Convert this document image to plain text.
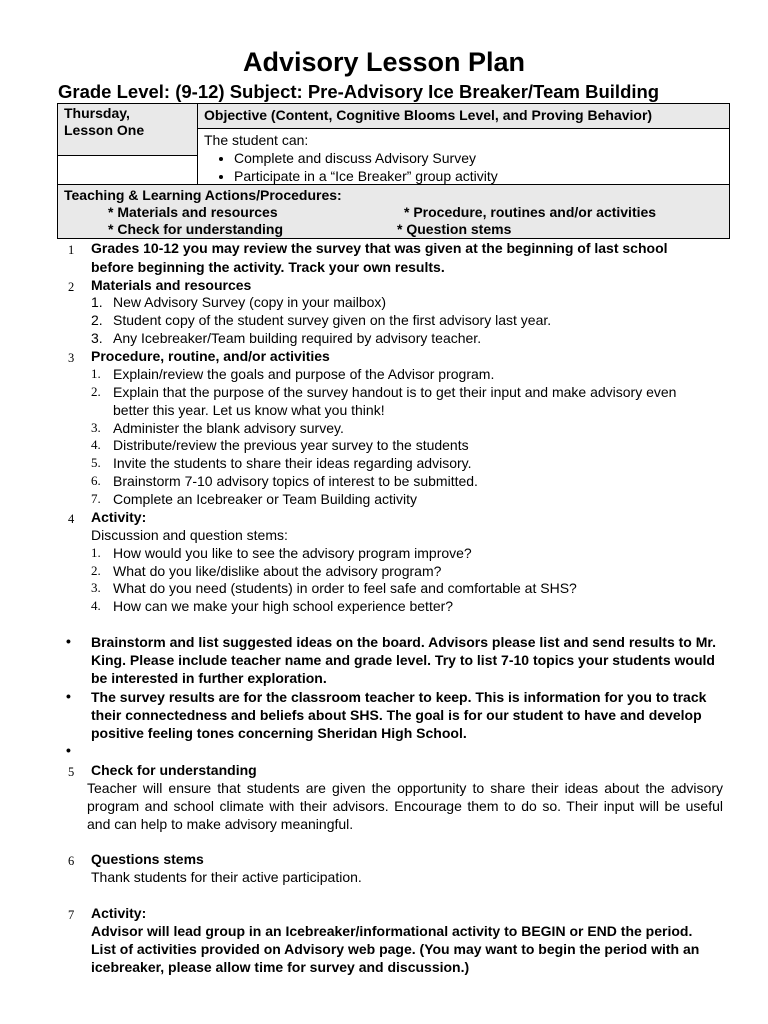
Advisory Lesson Plan
Grade Level: (9-12) Subject: Pre-Advisory Ice Breaker/Team Building
Thursday,
Lesson One
Objective (Content, Cognitive Blooms Level, and Proving Behavior)
The student can:
• Complete and discuss Advisory Survey
• Participate in a “Ice Breaker” group activity
Teaching & Learning Actions/Procedures:
* Materials and resources	* Procedure, routines and/or activities
* Check for understanding	* Question stems
1 Grades 10-12 you may review the survey that was given at the beginning of last school
before beginning the activity. Track your own results.
2 Materials and resources
1. New Advisory Survey (copy in your mailbox)
2. Student copy of the student survey given on the first advisory last year.
3. Any Icebreaker/Team building required by advisory teacher.
3 Procedure, routine, and/or activities
1. Explain/review the goals and purpose of the Advisor program.
2. Explain that the purpose of the survey handout is to get their input and make advisory even
better this year. Let us know what you think!
3. Administer the blank advisory survey.
4. Distribute/review the previous year survey to the students
5. Invite the students to share their ideas regarding advisory.
6. Brainstorm 7-10 advisory topics of interest to be submitted.
7. Complete an Icebreaker or Team Building activity
4 Activity:
Discussion and question stems:
1. How would you like to see the advisory program improve?
2. What do you like/dislike about the advisory program?
3. What do you need (students) in order to feel safe and comfortable at SHS?
4. How can we make your high school experience better?
• Brainstorm and list suggested ideas on the board. Advisors please list and send results to Mr. King. Please include teacher name and grade level. Try to list 7-10 topics your students would be interested in further exploration.
• The survey results are for the classroom teacher to keep. This is information for you to track their connectedness and beliefs about SHS. The goal is for our student to have and develop positive feeling tones concerning Sheridan High School.
•
5 Check for understanding
Teacher will ensure that students are given the opportunity to share their ideas about the advisory program and school climate with their advisors. Encourage them to do so. Their input will be useful and can help to make advisory meaningful.
6 Questions stems
Thank students for their active participation.
7 Activity:
Advisor will lead group in an Icebreaker/informational activity to BEGIN or END the period. List of activities provided on Advisory web page. (You may want to begin the period with an icebreaker, please allow time for survey and discussion.)
